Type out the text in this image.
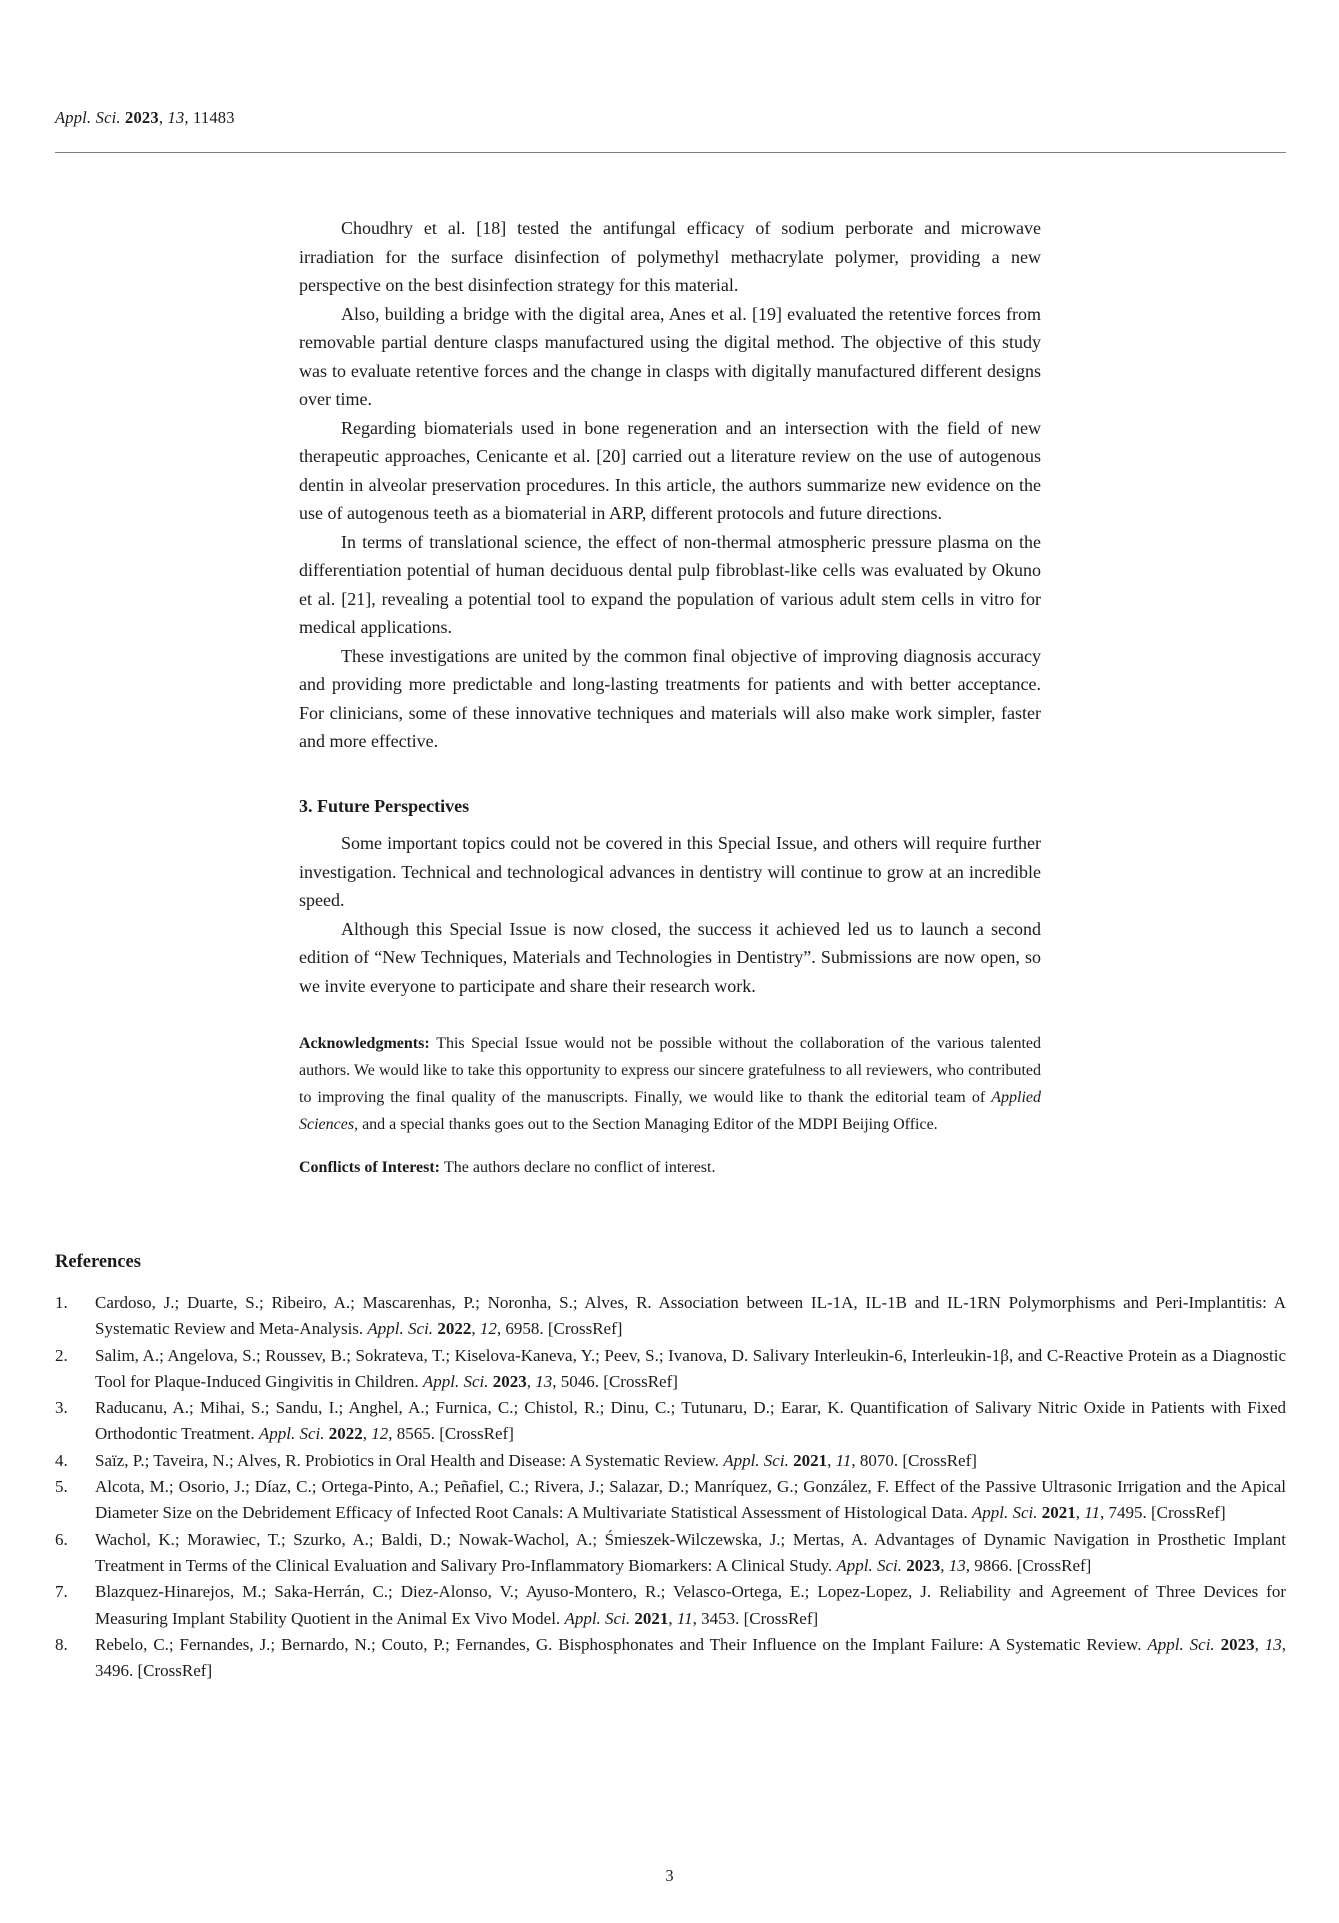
Appl. Sci. 2023, 13, 11483

Choudhry et al. [18] tested the antifungal efficacy of sodium perborate and microwave irradiation for the surface disinfection of polymethyl methacrylate polymer, providing a new perspective on the best disinfection strategy for this material.

Also, building a bridge with the digital area, Anes et al. [19] evaluated the retentive forces from removable partial denture clasps manufactured using the digital method. The objective of this study was to evaluate retentive forces and the change in clasps with digitally manufactured different designs over time.

Regarding biomaterials used in bone regeneration and an intersection with the field of new therapeutic approaches, Cenicante et al. [20] carried out a literature review on the use of autogenous dentin in alveolar preservation procedures. In this article, the authors summarize new evidence on the use of autogenous teeth as a biomaterial in ARP, different protocols and future directions.

In terms of translational science, the effect of non-thermal atmospheric pressure plasma on the differentiation potential of human deciduous dental pulp fibroblast-like cells was evaluated by Okuno et al. [21], revealing a potential tool to expand the population of various adult stem cells in vitro for medical applications.

These investigations are united by the common final objective of improving diagnosis accuracy and providing more predictable and long-lasting treatments for patients and with better acceptance. For clinicians, some of these innovative techniques and materials will also make work simpler, faster and more effective.

3. Future Perspectives

Some important topics could not be covered in this Special Issue, and others will require further investigation. Technical and technological advances in dentistry will continue to grow at an incredible speed.

Although this Special Issue is now closed, the success it achieved led us to launch a second edition of “New Techniques, Materials and Technologies in Dentistry”. Submissions are now open, so we invite everyone to participate and share their research work.

Acknowledgments: This Special Issue would not be possible without the collaboration of the various talented authors. We would like to take this opportunity to express our sincere gratefulness to all reviewers, who contributed to improving the final quality of the manuscripts. Finally, we would like to thank the editorial team of Applied Sciences, and a special thanks goes out to the Section Managing Editor of the MDPI Beijing Office.

Conflicts of Interest: The authors declare no conflict of interest.

References
1.	Cardoso, J.; Duarte, S.; Ribeiro, A.; Mascarenhas, P.; Noronha, S.; Alves, R. Association between IL-1A, IL-1B and IL-1RN Polymorphisms and Peri-Implantitis: A Systematic Review and Meta-Analysis. Appl. Sci. 2022, 12, 6958. [CrossRef]
2.	Salim, A.; Angelova, S.; Roussev, B.; Sokrateva, T.; Kiselova-Kaneva, Y.; Peev, S.; Ivanova, D. Salivary Interleukin-6, Interleukin-1β, and C-Reactive Protein as a Diagnostic Tool for Plaque-Induced Gingivitis in Children. Appl. Sci. 2023, 13, 5046. [CrossRef]
3.	Raducanu, A.; Mihai, S.; Sandu, I.; Anghel, A.; Furnica, C.; Chistol, R.; Dinu, C.; Tutunaru, D.; Earar, K. Quantification of Salivary Nitric Oxide in Patients with Fixed Orthodontic Treatment. Appl. Sci. 2022, 12, 8565. [CrossRef]
4.	Saïz, P.; Taveira, N.; Alves, R. Probiotics in Oral Health and Disease: A Systematic Review. Appl. Sci. 2021, 11, 8070. [CrossRef]
5.	Alcota, M.; Osorio, J.; Díaz, C.; Ortega-Pinto, A.; Peñafiel, C.; Rivera, J.; Salazar, D.; Manríquez, G.; González, F. Effect of the Passive Ultrasonic Irrigation and the Apical Diameter Size on the Debridement Efficacy of Infected Root Canals: A Multivariate Statistical Assessment of Histological Data. Appl. Sci. 2021, 11, 7495. [CrossRef]
6.	Wachol, K.; Morawiec, T.; Szurko, A.; Baldi, D.; Nowak-Wachol, A.; Śmieszek-Wilczewska, J.; Mertas, A. Advantages of Dynamic Navigation in Prosthetic Implant Treatment in Terms of the Clinical Evaluation and Salivary Pro-Inflammatory Biomarkers: A Clinical Study. Appl. Sci. 2023, 13, 9866. [CrossRef]
7.	Blazquez-Hinarejos, M.; Saka-Herrán, C.; Diez-Alonso, V.; Ayuso-Montero, R.; Velasco-Ortega, E.; Lopez-Lopez, J. Reliability and Agreement of Three Devices for Measuring Implant Stability Quotient in the Animal Ex Vivo Model. Appl. Sci. 2021, 11, 3453. [CrossRef]
8.	Rebelo, C.; Fernandes, J.; Bernardo, N.; Couto, P.; Fernandes, G. Bisphosphonates and Their Influence on the Implant Failure: A Systematic Review. Appl. Sci. 2023, 13, 3496. [CrossRef]
3
